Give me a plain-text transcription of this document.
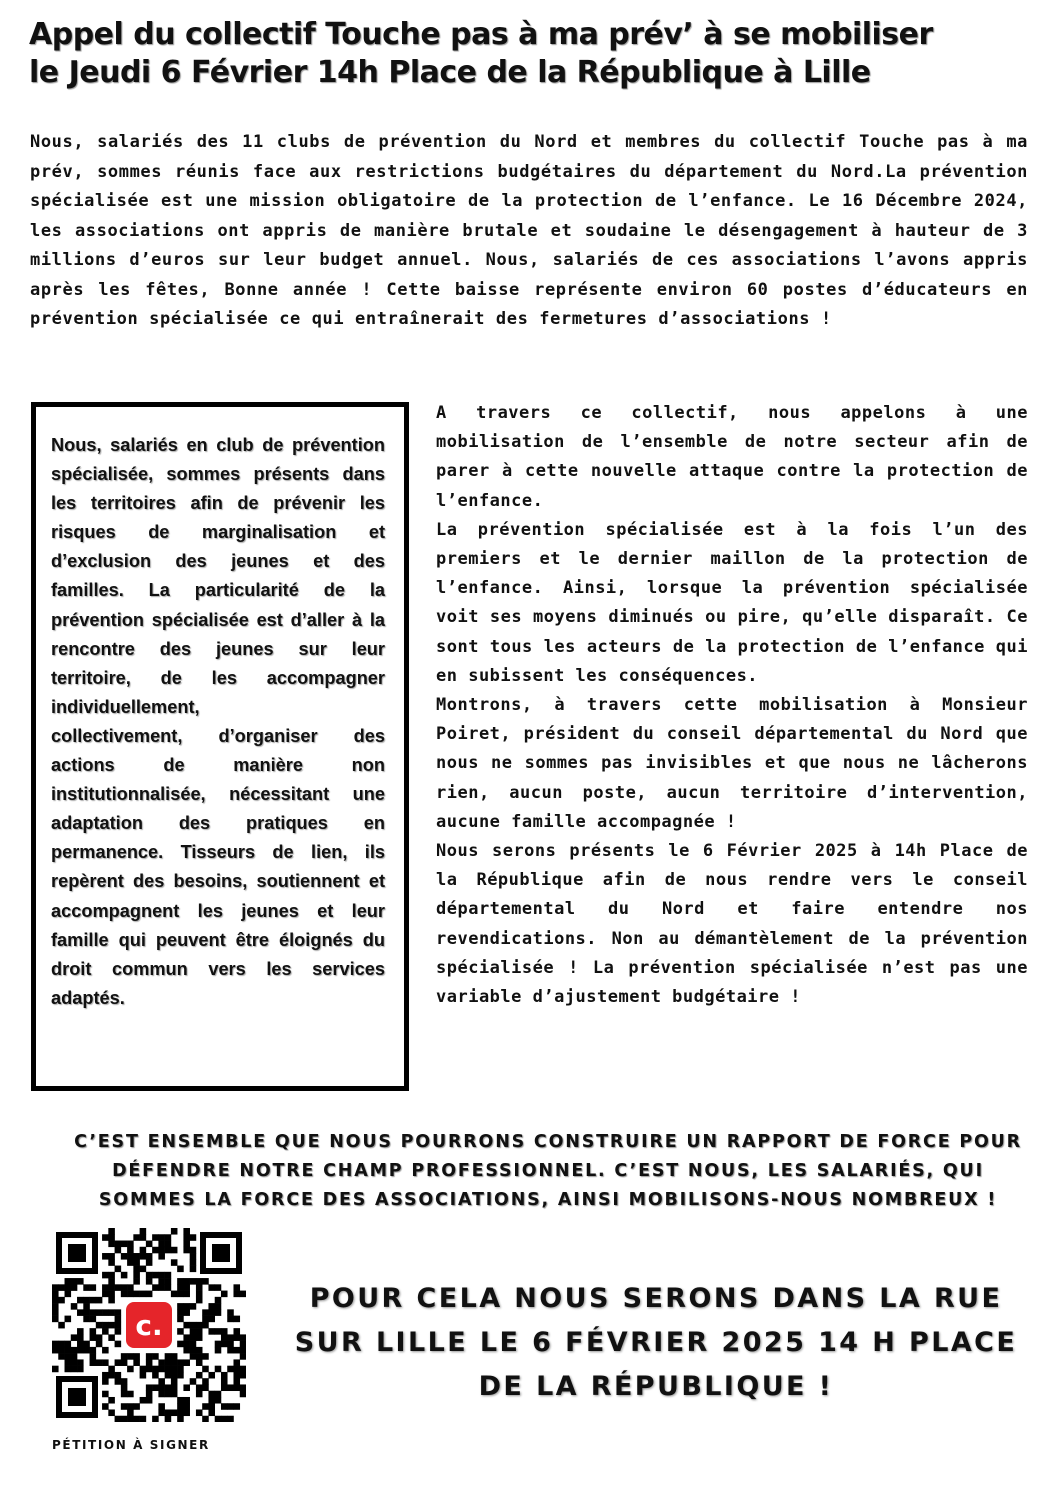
Appel du collectif Touche pas à ma prév’ à se mobiliser
le Jeudi 6 Février 14h Place de la République à Lille

Nous, salariés des 11 clubs de prévention du Nord et membres du collectif Touche pas à ma prév, sommes réunis face aux restrictions budgétaires du département du Nord.La prévention spécialisée est une mission obligatoire de la protection de l’enfance. Le 16 Décembre 2024, les associations ont appris de manière brutale et soudaine le désengagement à hauteur de 3 millions d’euros sur leur budget annuel. Nous, salariés de ces associations l’avons appris après les fêtes, Bonne année ! Cette baisse représente environ 60 postes d’éducateurs en prévention spécialisée ce qui entraînerait des fermetures d’associations !

Nous, salariés en club de prévention spécialisée, sommes présents dans les territoires afin de prévenir les risques de marginalisation et d’exclusion des jeunes et des familles. La particularité de la prévention spécialisée est d’aller à la rencontre des jeunes sur leur territoire, de les accompagner individuellement,

collectivement, d’organiser des actions de manière non institutionnalisée, nécessitant une adaptation des pratiques en permanence. Tisseurs de lien, ils repèrent des besoins, soutiennent et accompagnent les jeunes et leur famille qui peuvent être éloignés du droit commun vers les services adaptés.

A travers ce collectif, nous appelons à une mobilisation de l’ensemble de notre secteur afin de parer à cette nouvelle attaque contre la protection de l’enfance.

La prévention spécialisée est à la fois l’un des premiers et le dernier maillon de la protection de l’enfance. Ainsi, lorsque la prévention spécialisée voit ses moyens diminués ou pire, qu’elle disparaît. Ce sont tous les acteurs de la protection de l’enfance qui en subissent les conséquences.

Montrons, à travers cette mobilisation à Monsieur Poiret, président du conseil départemental du Nord que nous ne sommes pas invisibles et que nous ne lâcherons rien, aucun poste, aucun territoire d’intervention, aucune famille accompagnée !

Nous serons présents le 6 Février 2025 à 14h Place de la République afin de nous rendre vers le conseil départemental du Nord et faire entendre nos revendications. Non au démantèlement de la prévention spécialisée ! La prévention spécialisée n’est pas une variable d’ajustement budgétaire !

C’EST ENSEMBLE QUE NOUS POURRONS CONSTRUIRE UN RAPPORT DE FORCE POUR DÉFENDRE NOTRE CHAMP PROFESSIONNEL. C’EST NOUS, LES SALARIÉS, QUI SOMMES LA FORCE DES ASSOCIATIONS, AINSI MOBILISONS-NOUS NOMBREUX !

c.

PÉTITION À SIGNER

POUR CELA NOUS SERONS DANS LA RUE SUR LILLE LE 6 FÉVRIER 2025 14 H PLACE DE LA RÉPUBLIQUE !
